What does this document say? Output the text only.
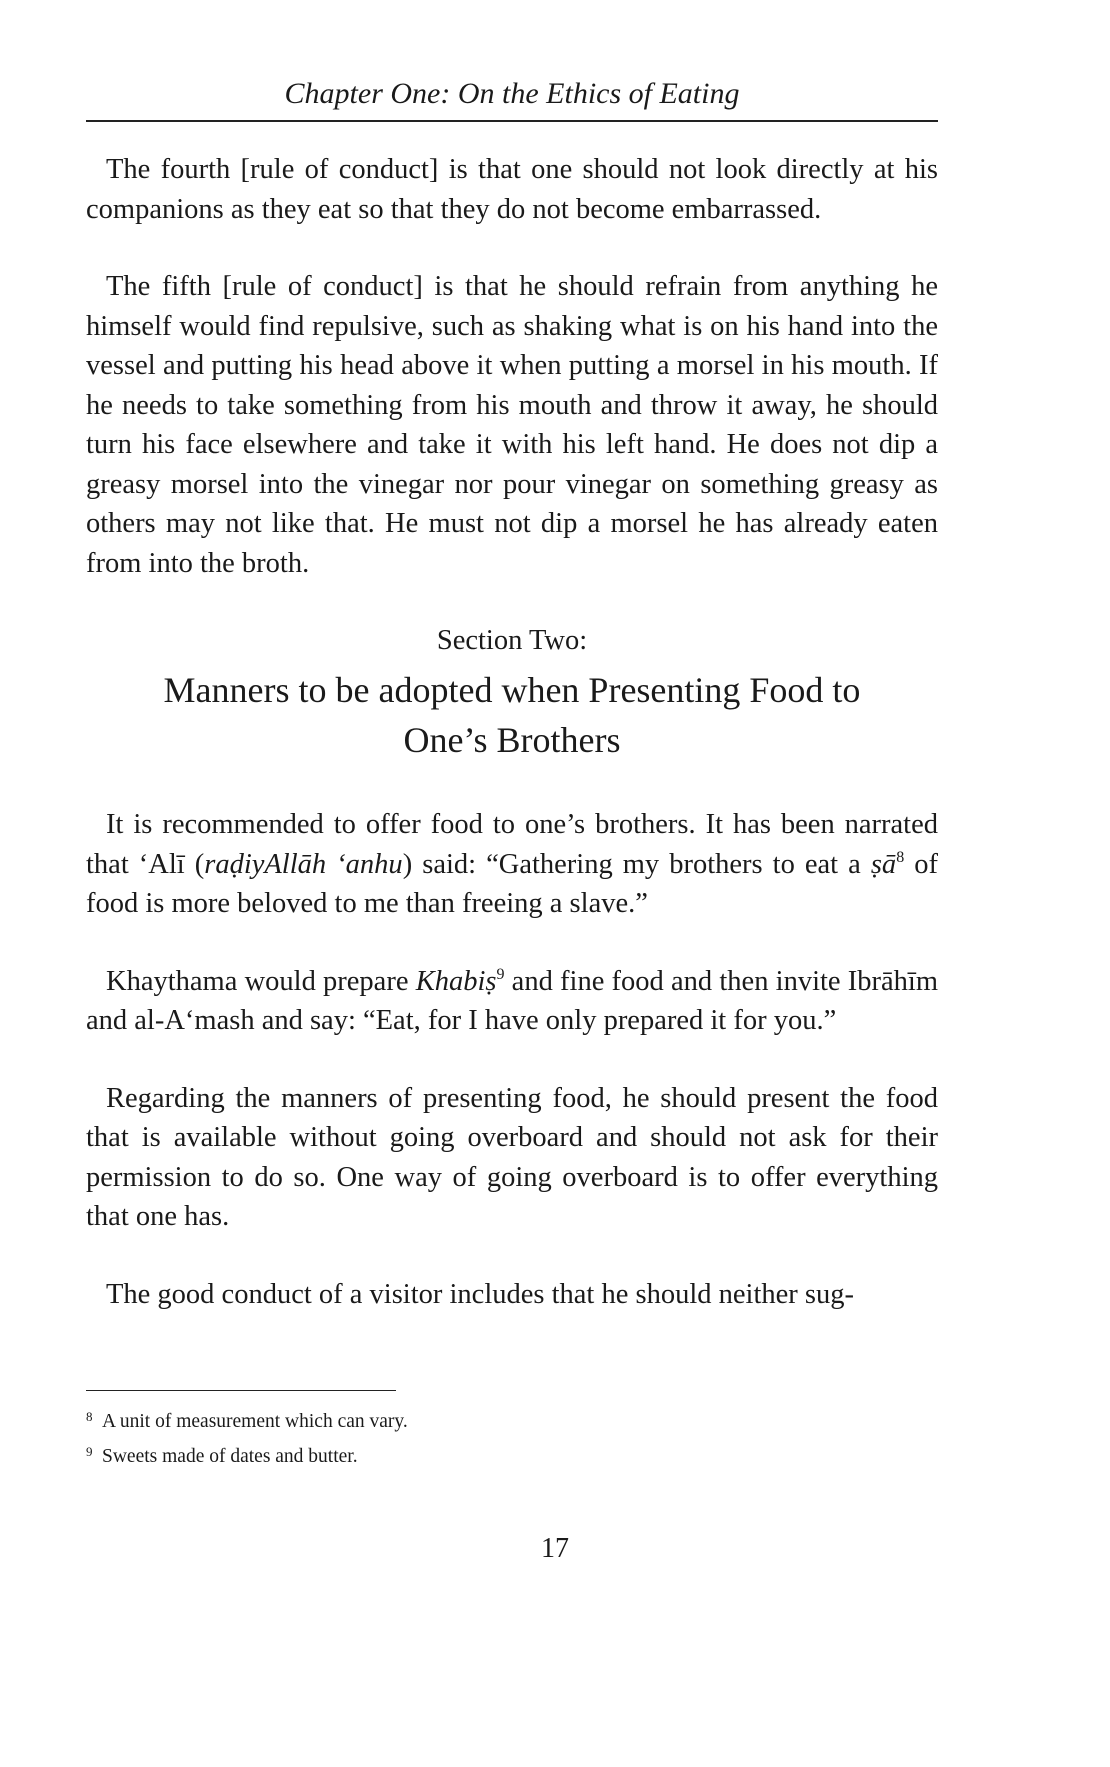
Chapter One: On the Ethics of Eating

The fourth [rule of conduct] is that one should not look directly at his companions as they eat so that they do not become embarrassed.

The fifth [rule of conduct] is that he should refrain from anything he himself would find repulsive, such as shaking what is on his hand into the vessel and putting his head above it when putting a morsel in his mouth. If he needs to take something from his mouth and throw it away, he should turn his face elsewhere and take it with his left hand. He does not dip a greasy morsel into the vinegar nor pour vinegar on something greasy as others may not like that. He must not dip a morsel he has already eaten from into the broth.

Section Two:
Manners to be adopted when Presenting Food to One’s Brothers

It is recommended to offer food to one’s brothers. It has been narrated that ‘Alī (raḍiyAllāh ‘anhu) said: “Gathering my brothers to eat a ṣā$^8$ of food is more beloved to me than freeing a slave.”

Khaythama would prepare Khabiṣ$^9$ and fine food and then invite Ibrāhīm and al-A‘mash and say: “Eat, for I have only prepared it for you.”

Regarding the manners of presenting food, he should present the food that is available without going overboard and should not ask for their permission to do so. One way of going overboard is to offer everything that one has.

The good conduct of a visitor includes that he should neither sug-

8 A unit of measurement which can vary.

9 Sweets made of dates and butter.

17
